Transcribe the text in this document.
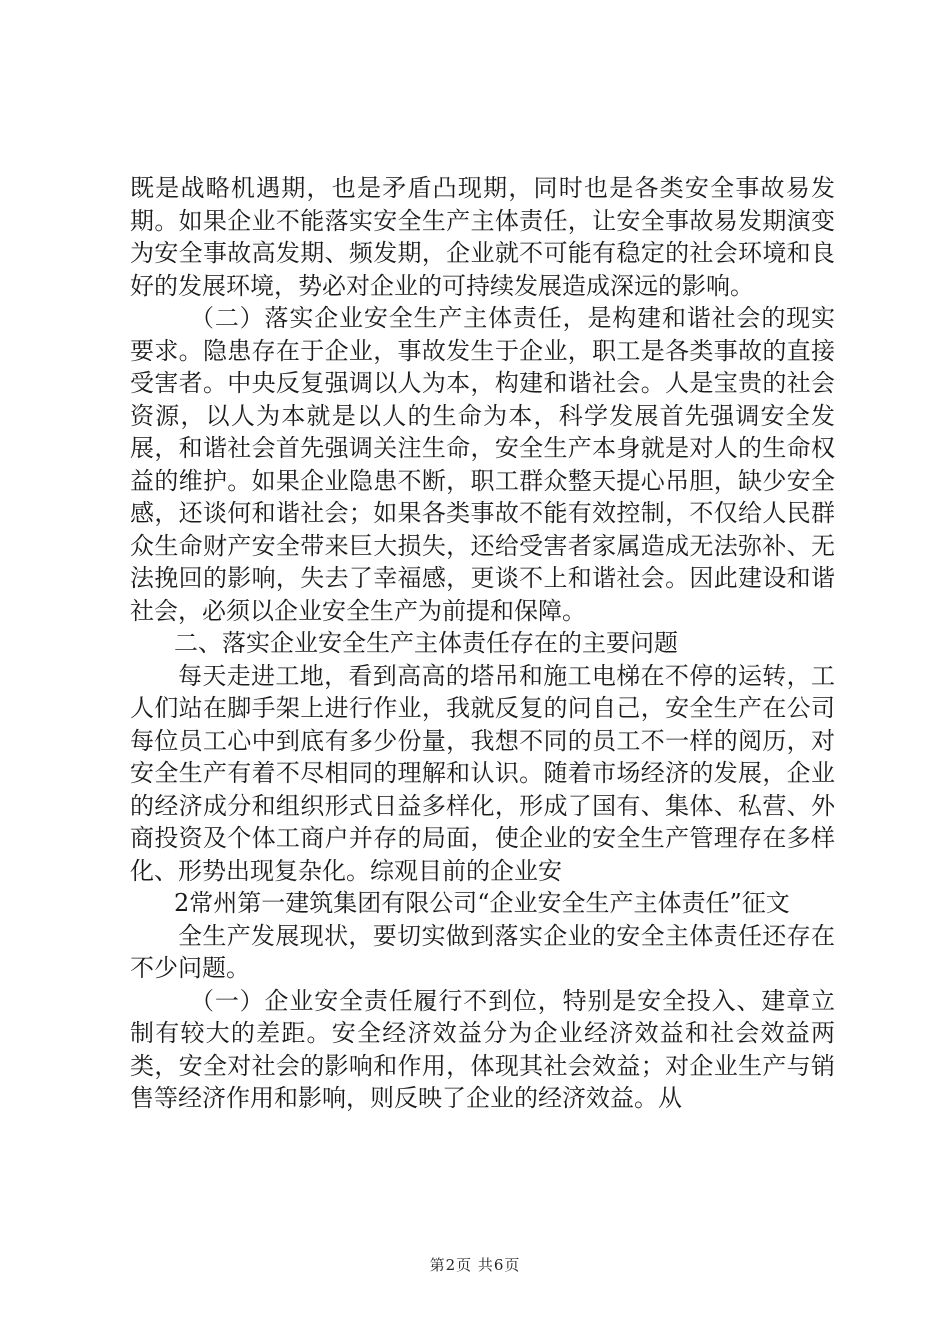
既是战略机遇期，也是矛盾凸现期，同时也是各类安全事故易发期。如果企业不能落实安全生产主体责任，让安全事故易发期演变为安全事故高发期、频发期，企业就不可能有稳定的社会环境和良好的发展环境，势必对企业的可持续发展造成深远的影响。

（二）落实企业安全生产主体责任，是构建和谐社会的现实要求。隐患存在于企业，事故发生于企业，职工是各类事故的直接受害者。中央反复强调以人为本，构建和谐社会。人是宝贵的社会资源，以人为本就是以人的生命为本，科学发展首先强调安全发展，和谐社会首先强调关注生命，安全生产本身就是对人的生命权益的维护。如果企业隐患不断，职工群众整天提心吊胆，缺少安全感，还谈何和谐社会；如果各类事故不能有效控制，不仅给人民群众生命财产安全带来巨大损失，还给受害者家属造成无法弥补、无法挽回的影响，失去了幸福感，更谈不上和谐社会。因此建设和谐社会，必须以企业安全生产为前提和保障。

二、落实企业安全生产主体责任存在的主要问题

每天走进工地，看到高高的塔吊和施工电梯在不停的运转，工人们站在脚手架上进行作业，我就反复的问自己，安全生产在公司每位员工心中到底有多少份量，我想不同的员工不一样的阅历，对安全生产有着不尽相同的理解和认识。随着市场经济的发展，企业的经济成分和组织形式日益多样化，形成了国有、集体、私营、外商投资及个体工商户并存的局面，使企业的安全生产管理存在多样化、形势出现复杂化。综观目前的企业安

2常州第一建筑集团有限公司“企业安全生产主体责任”征文

全生产发展现状，要切实做到落实企业的安全主体责任还存在不少问题。

（一）企业安全责任履行不到位，特别是安全投入、建章立制有较大的差距。安全经济效益分为企业经济效益和社会效益两类，安全对社会的影响和作用，体现其社会效益；对企业生产与销售等经济作用和影响，则反映了企业的经济效益。从

第2页 共6页
